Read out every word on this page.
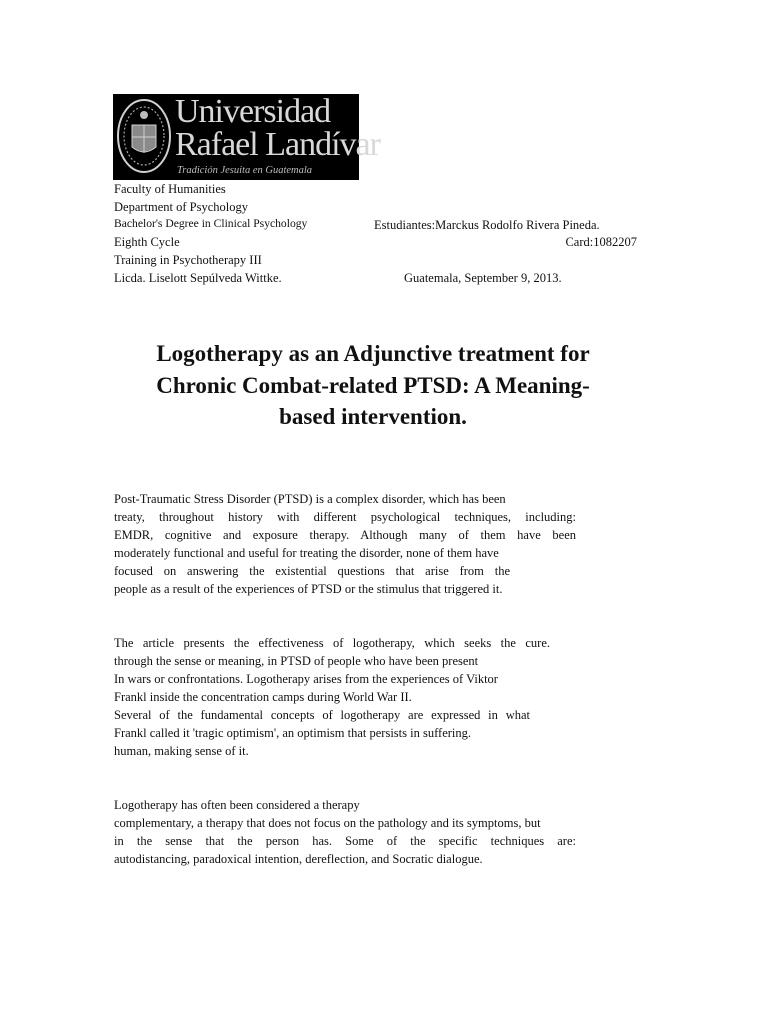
Universidad
Rafael Landívar
Tradición Jesuita en Guatemala
Faculty of Humanities
Department of Psychology
Bachelor's Degree in Clinical Psychology	Estudiantes:Marckus Rodolfo Rivera Pineda.
Eighth Cycle	Card:1082207
Training in Psychotherapy III
Licda. Liselott Sepúlveda Wittke.	Guatemala, September 9, 2013.
Logotherapy as an Adjunctive treatment for
Chronic Combat-related PTSD: A Meaning-
based intervention.
Post-Traumatic Stress Disorder (PTSD) is a complex disorder, which has been
treaty, throughout history with different psychological techniques, including:
EMDR, cognitive and exposure therapy. Although many of them have been
moderately functional and useful for treating the disorder, none of them have
focused on answering the existential questions that arise from the
people as a result of the experiences of PTSD or the stimulus that triggered it.
The article presents the effectiveness of logotherapy, which seeks the cure.
through the sense or meaning, in PTSD of people who have been present
In wars or confrontations. Logotherapy arises from the experiences of Viktor
Frankl inside the concentration camps during World War II.
Several of the fundamental concepts of logotherapy are expressed in what
Frankl called it 'tragic optimism', an optimism that persists in suffering.
human, making sense of it.
Logotherapy has often been considered a therapy
complementary, a therapy that does not focus on the pathology and its symptoms, but
in the sense that the person has. Some of the specific techniques are:
autodistancing, paradoxical intention, dereflection, and Socratic dialogue.
